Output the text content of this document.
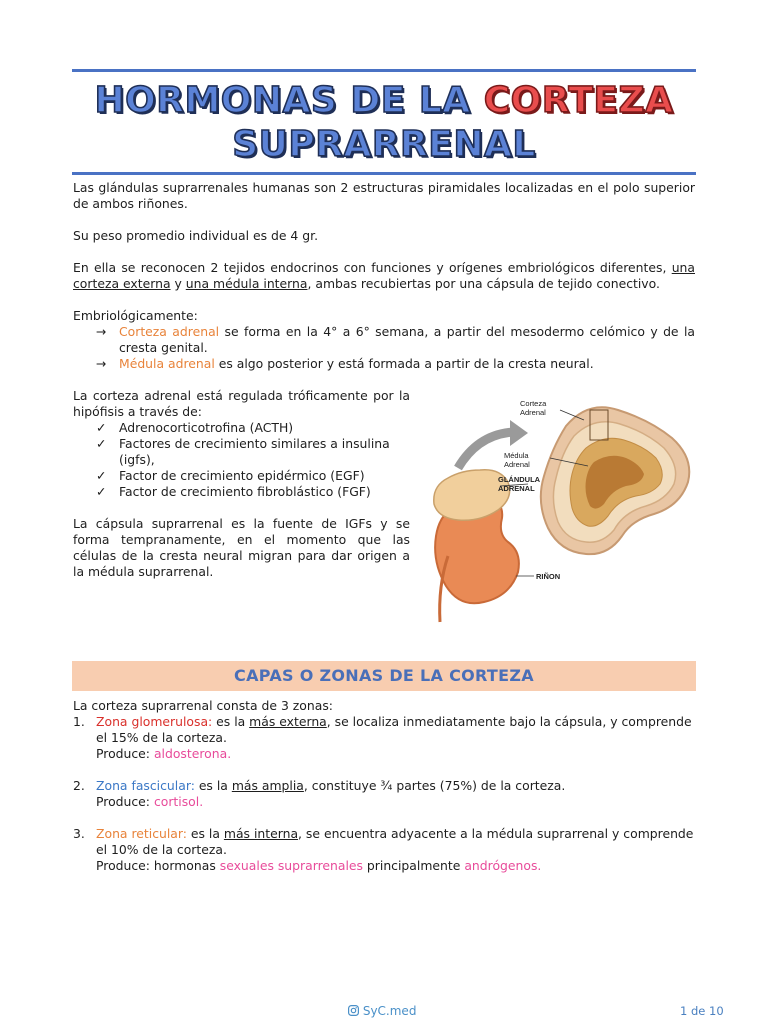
HORMONAS DE LA CORTEZA
SUPRARRENAL
Las glándulas suprarrenales humanas son 2 estructuras piramidales localizadas en el polo superior de ambos riñones.
Su peso promedio individual es de 4 gr.
En ella se reconocen 2 tejidos endocrinos con funciones y orígenes embriológicos diferentes, una corteza externa y una médula interna, ambas recubiertas por una cápsula de tejido conectivo.
Embriológicamente:
→ Corteza adrenal se forma en la 4° a 6° semana, a partir del mesodermo celómico y de la cresta genital.
→ Médula adrenal es algo posterior y está formada a partir de la cresta neural.
La corteza adrenal está regulada tróficamente por la hipófisis a través de:
✓ Adrenocorticotrofina (ACTH)
✓ Factores de crecimiento similares a insulina (igfs),
✓ Factor de crecimiento epidérmico (EGF)
✓ Factor de crecimiento fibroblástico (FGF)
La cápsula suprarrenal es la fuente de IGFs y se forma tempranamente, en el momento que las células de la cresta neural migran para dar origen a la médula suprarrenal.
Corteza
Adrenal
Médula
Adrenal
GLÁNDULA
ADRENAL
RIÑON
CAPAS O ZONAS DE LA CORTEZA
La corteza suprarrenal consta de 3 zonas:
1. Zona glomerulosa: es la más externa, se localiza inmediatamente bajo la cápsula, y comprende el 15% de la corteza.
Produce: aldosterona.
2. Zona fascicular: es la más amplia, constituye ¾ partes (75%) de la corteza.
Produce: cortisol.
3. Zona reticular: es la más interna, se encuentra adyacente a la médula suprarrenal y comprende el 10% de la corteza.
Produce: hormonas sexuales suprarrenales principalmente andrógenos.
SyC.med	1 de 10
